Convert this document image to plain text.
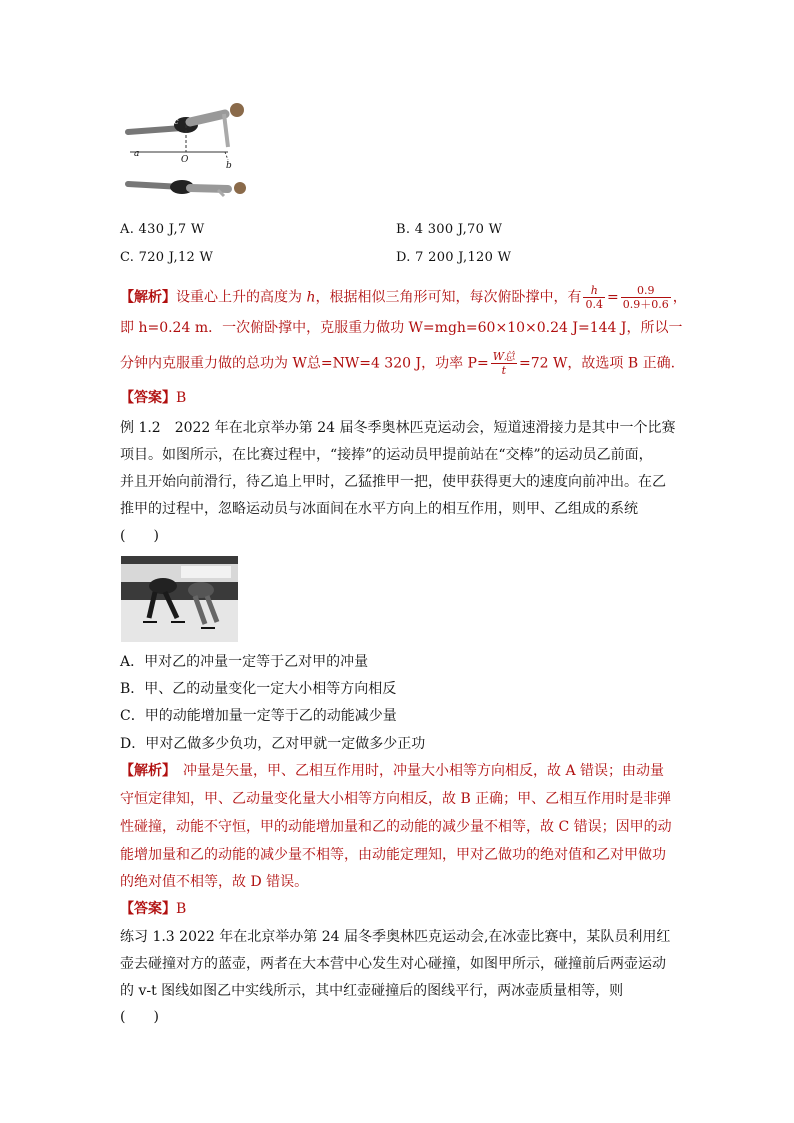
a
O
b
c
A. 430 J,7 W	B. 4 300 J,70 W
C. 720 J,12 W	D. 7 200 J,120 W
【解析】设重心上升的高度为 h，根据相似三角形可知，每次俯卧撑中，有 $\frac{h}{0.4} = \frac{0.9}{0.9+0.6}$ ，
即 h=0.24 m．一次俯卧撑中，克服重力做功 W=mgh=60×10×0.24 J=144 J，所以一
分钟内克服重力做的总功为 W总=NW=4 320 J，功率 $P= \frac{\text{W总}}{t} =72$ W，故选项 B 正确.
【答案】B
例 1.2　2022 年在北京举办第 24 届冬季奥林匹克运动会，短道速滑接力是其中一个比赛
项目。如图所示，在比赛过程中，“接捧”的运动员甲提前站在“交棒”的运动员乙前面，
并且开始向前滑行，待乙追上甲时，乙猛推甲一把，使甲获得更大的速度向前冲出。在乙
推甲的过程中，忽略运动员与冰面间在水平方向上的相互作用，则甲、乙组成的系统
(　　)
A．甲对乙的冲量一定等于乙对甲的冲量
B．甲、乙的动量变化一定大小相等方向相反
C．甲的动能增加量一定等于乙的动能减少量
D．甲对乙做多少负功，乙对甲就一定做多少正功
【解析】　冲量是矢量，甲、乙相互作用时，冲量大小相等方向相反，故 A 错误；由动量
守恒定律知，甲、乙动量变化量大小相等方向相反，故 B 正确；甲、乙相互作用时是非弹
性碰撞，动能不守恒，甲的动能增加量和乙的动能的减少量不相等，故 C 错误；因甲的动
能增加量和乙的动能的减少量不相等，由动能定理知，甲对乙做功的绝对值和乙对甲做功
的绝对值不相等，故 D 错误。
【答案】B
练习 1.3 2022 年在北京举办第 24 届冬季奥林匹克运动会,在冰壶比赛中，某队员利用红
壶去碰撞对方的蓝壶，两者在大本营中心发生对心碰撞，如图甲所示，碰撞前后两壶运动
的 v-t 图线如图乙中实线所示，其中红壶碰撞后的图线平行，两冰壶质量相等，则
(　　)
